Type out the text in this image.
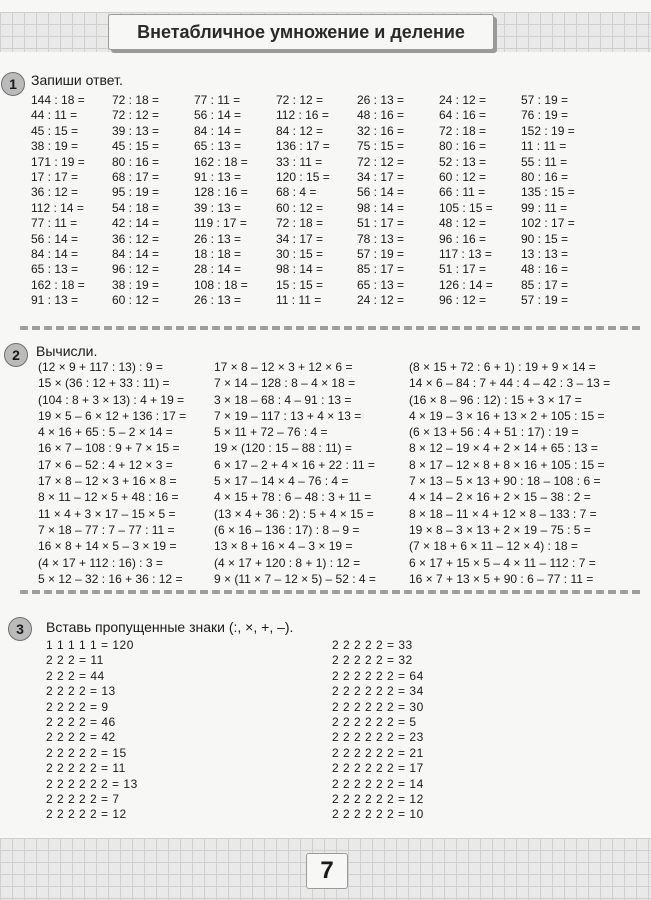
Внетабличное умножение и деление
1	Запиши ответ.
144 : 18 =
44 : 11 =
45 : 15 =
38 : 19 =
171 : 19 =
17 : 17 =
36 : 12 =
112 : 14 =
77 : 11 =
56 : 14 =
84 : 14 =
65 : 13 =
162 : 18 =
91 : 13 =
72 : 18 =
72 : 12 =
39 : 13 =
45 : 15 =
80 : 16 =
68 : 17 =
95 : 19 =
54 : 18 =
42 : 14 =
36 : 12 =
84 : 14 =
96 : 12 =
38 : 19 =
60 : 12 =
77 : 11 =
56 : 14 =
84 : 14 =
65 : 13 =
162 : 18 =
91 : 13 =
128 : 16 =
39 : 13 =
119 : 17 =
26 : 13 =
18 : 18 =
28 : 14 =
108 : 18 =
26 : 13 =
72 : 12 =
112 : 16 =
84 : 12 =
136 : 17 =
33 : 11 =
120 : 15 =
68 : 4 =
60 : 12 =
72 : 18 =
34 : 17 =
30 : 15 =
98 : 14 =
15 : 15 =
11 : 11 =
26 : 13 =
48 : 16 =
32 : 16 =
75 : 15 =
72 : 12 =
34 : 17 =
56 : 14 =
98 : 14 =
51 : 17 =
78 : 13 =
57 : 19 =
85 : 17 =
65 : 13 =
24 : 12 =
24 : 12 =
64 : 16 =
72 : 18 =
80 : 16 =
52 : 13 =
60 : 12 =
66 : 11 =
105 : 15 =
48 : 12 =
96 : 16 =
117 : 13 =
51 : 17 =
126 : 14 =
96 : 12 =
57 : 19 =
76 : 19 =
152 : 19 =
11 : 11 =
55 : 11 =
80 : 16 =
135 : 15 =
99 : 11 =
102 : 17 =
90 : 15 =
13 : 13 =
48 : 16 =
85 : 17 =
57 : 19 =
2	Вычисли.
(12 × 9 + 117 : 13) : 9 =
15 × (36 : 12 + 33 : 11) =
(104 : 8 + 3 × 13) : 4 + 19 =
19 × 5 – 6 × 12 + 136 : 17 =
4 × 16 + 65 : 5 – 2 × 14 =
16 × 7 – 108 : 9 + 7 × 15 =
17 × 6 – 52 : 4 + 12 × 3 =
17 × 8 – 12 × 3 + 16 × 8 =
8 × 11 – 12 × 5 + 48 : 16 =
11 × 4 + 3 × 17 – 15 × 5 =
7 × 18 – 77 : 7 – 77 : 11 =
16 × 8 + 14 × 5 – 3 × 19 =
(4 × 17 + 112 : 16) : 3 =
5 × 12 – 32 : 16 + 36 : 12 =
17 × 8 – 12 × 3 + 12 × 6 =
7 × 14 – 128 : 8 – 4 × 18 =
3 × 18 – 68 : 4 – 91 : 13 =
7 × 19 – 117 : 13 + 4 × 13 =
5 × 11 + 72 – 76 : 4 =
19 × (120 : 15 – 88 : 11) =
6 × 17 – 2 + 4 × 16 + 22 : 11 =
5 × 17 – 14 × 4 – 76 : 4 =
4 × 15 + 78 : 6 – 48 : 3 + 11 =
(13 × 4 + 36 : 2) : 5 + 4 × 15 =
(6 × 16 – 136 : 17) : 8 – 9 =
13 × 8 + 16 × 4 – 3 × 19 =
(4 × 17 + 120 : 8 + 1) : 12 =
9 × (11 × 7 – 12 × 5) – 52 : 4 =
(8 × 15 + 72 : 6 + 1) : 19 + 9 × 14 =
14 × 6 – 84 : 7 + 44 : 4 – 42 : 3 – 13 =
(16 × 8 – 96 : 12) : 15 + 3 × 17 =
4 × 19 – 3 × 16 + 13 × 2 + 105 : 15 =
(6 × 13 + 56 : 4 + 51 : 17) : 19 =
8 × 12 – 19 × 4 + 2 × 14 + 65 : 13 =
8 × 17 – 12 × 8 + 8 × 16 + 105 : 15 =
7 × 13 – 5 × 13 + 90 : 18 – 108 : 6 =
4 × 14 – 2 × 16 + 2 × 15 – 38 : 2 =
8 × 18 – 11 × 4 + 12 × 8 – 133 : 7 =
19 × 8 – 3 × 13 + 2 × 19 – 75 : 5 =
(7 × 18 + 6 × 11 – 12 × 4) : 18 =
6 × 17 + 15 × 5 – 4 × 11 – 112 : 7 =
16 × 7 + 13 × 5 + 90 : 6 – 77 : 11 =
3	Вставь пропущенные знаки (:, ×, +, –).
1 1 1 1 1 = 120
2 2 2 = 11
2 2 2 = 44
2 2 2 2 = 13
2 2 2 2 = 9
2 2 2 2 = 46
2 2 2 2 = 42
2 2 2 2 2 = 15
2 2 2 2 2 = 11
2 2 2 2 2 2 = 13
2 2 2 2 2 = 7
2 2 2 2 2 = 12
2 2 2 2 2 = 33
2 2 2 2 2 = 32
2 2 2 2 2 2 = 64
2 2 2 2 2 2 = 34
2 2 2 2 2 2 = 30
2 2 2 2 2 2 = 5
2 2 2 2 2 2 = 23
2 2 2 2 2 2 = 21
2 2 2 2 2 2 = 17
2 2 2 2 2 2 = 14
2 2 2 2 2 2 = 12
2 2 2 2 2 2 = 10
7
